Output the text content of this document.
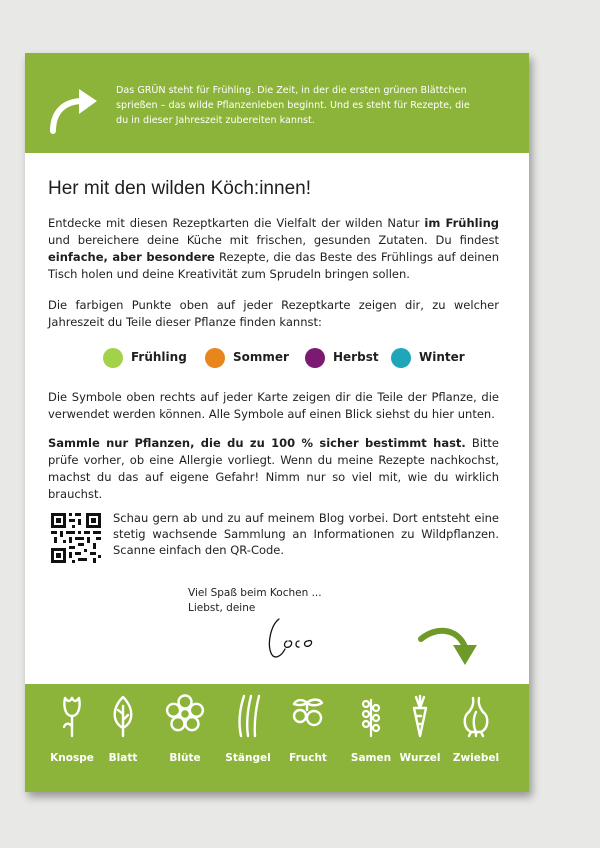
Das GRÜN steht für Frühling. Die Zeit, in der die ersten grünen Blättchen
sprießen – das wilde Pflanzenleben beginnt. Und es steht für Rezepte, die
du in dieser Jahreszeit zubereiten kannst.
Her mit den wilden Köch:innen!

Entdecke mit diesen Rezeptkarten die Vielfalt der wilden Natur im Frühling und bereichere deine Küche mit frischen, gesunden Zutaten. Du findest einfache, aber besondere Rezepte, die das Beste des Frühlings auf deinen Tisch holen und deine Kreativität zum Sprudeln bringen sollen.

Die farbigen Punkte oben auf jeder Rezeptkarte zeigen dir, zu welcher Jahreszeit du Teile dieser Pflanze finden kannst:

Frühling	Sommer	Herbst	Winter

Die Symbole oben rechts auf jeder Karte zeigen dir die Teile der Pflanze, die verwendet werden können. Alle Symbole auf einen Blick siehst du hier unten.

Sammle nur Pflanzen, die du zu 100 % sicher bestimmt hast. Bitte prüfe vorher, ob eine Allergie vorliegt. Wenn du meine Rezepte nachkochst, machst du das auf eigene Gefahr! Nimm nur so viel mit, wie du wirklich brauchst.

Schau gern ab und zu auf meinem Blog vorbei. Dort entsteht eine stetig wachsende Sammlung an Informationen zu Wildpflanzen. Scanne einfach den QR-Code.

Viel Spaß beim Kochen ...
Liebst, deine
Knospe	Blatt	Blüte	Stängel	Frucht	Samen Wurzel	Zwiebel
